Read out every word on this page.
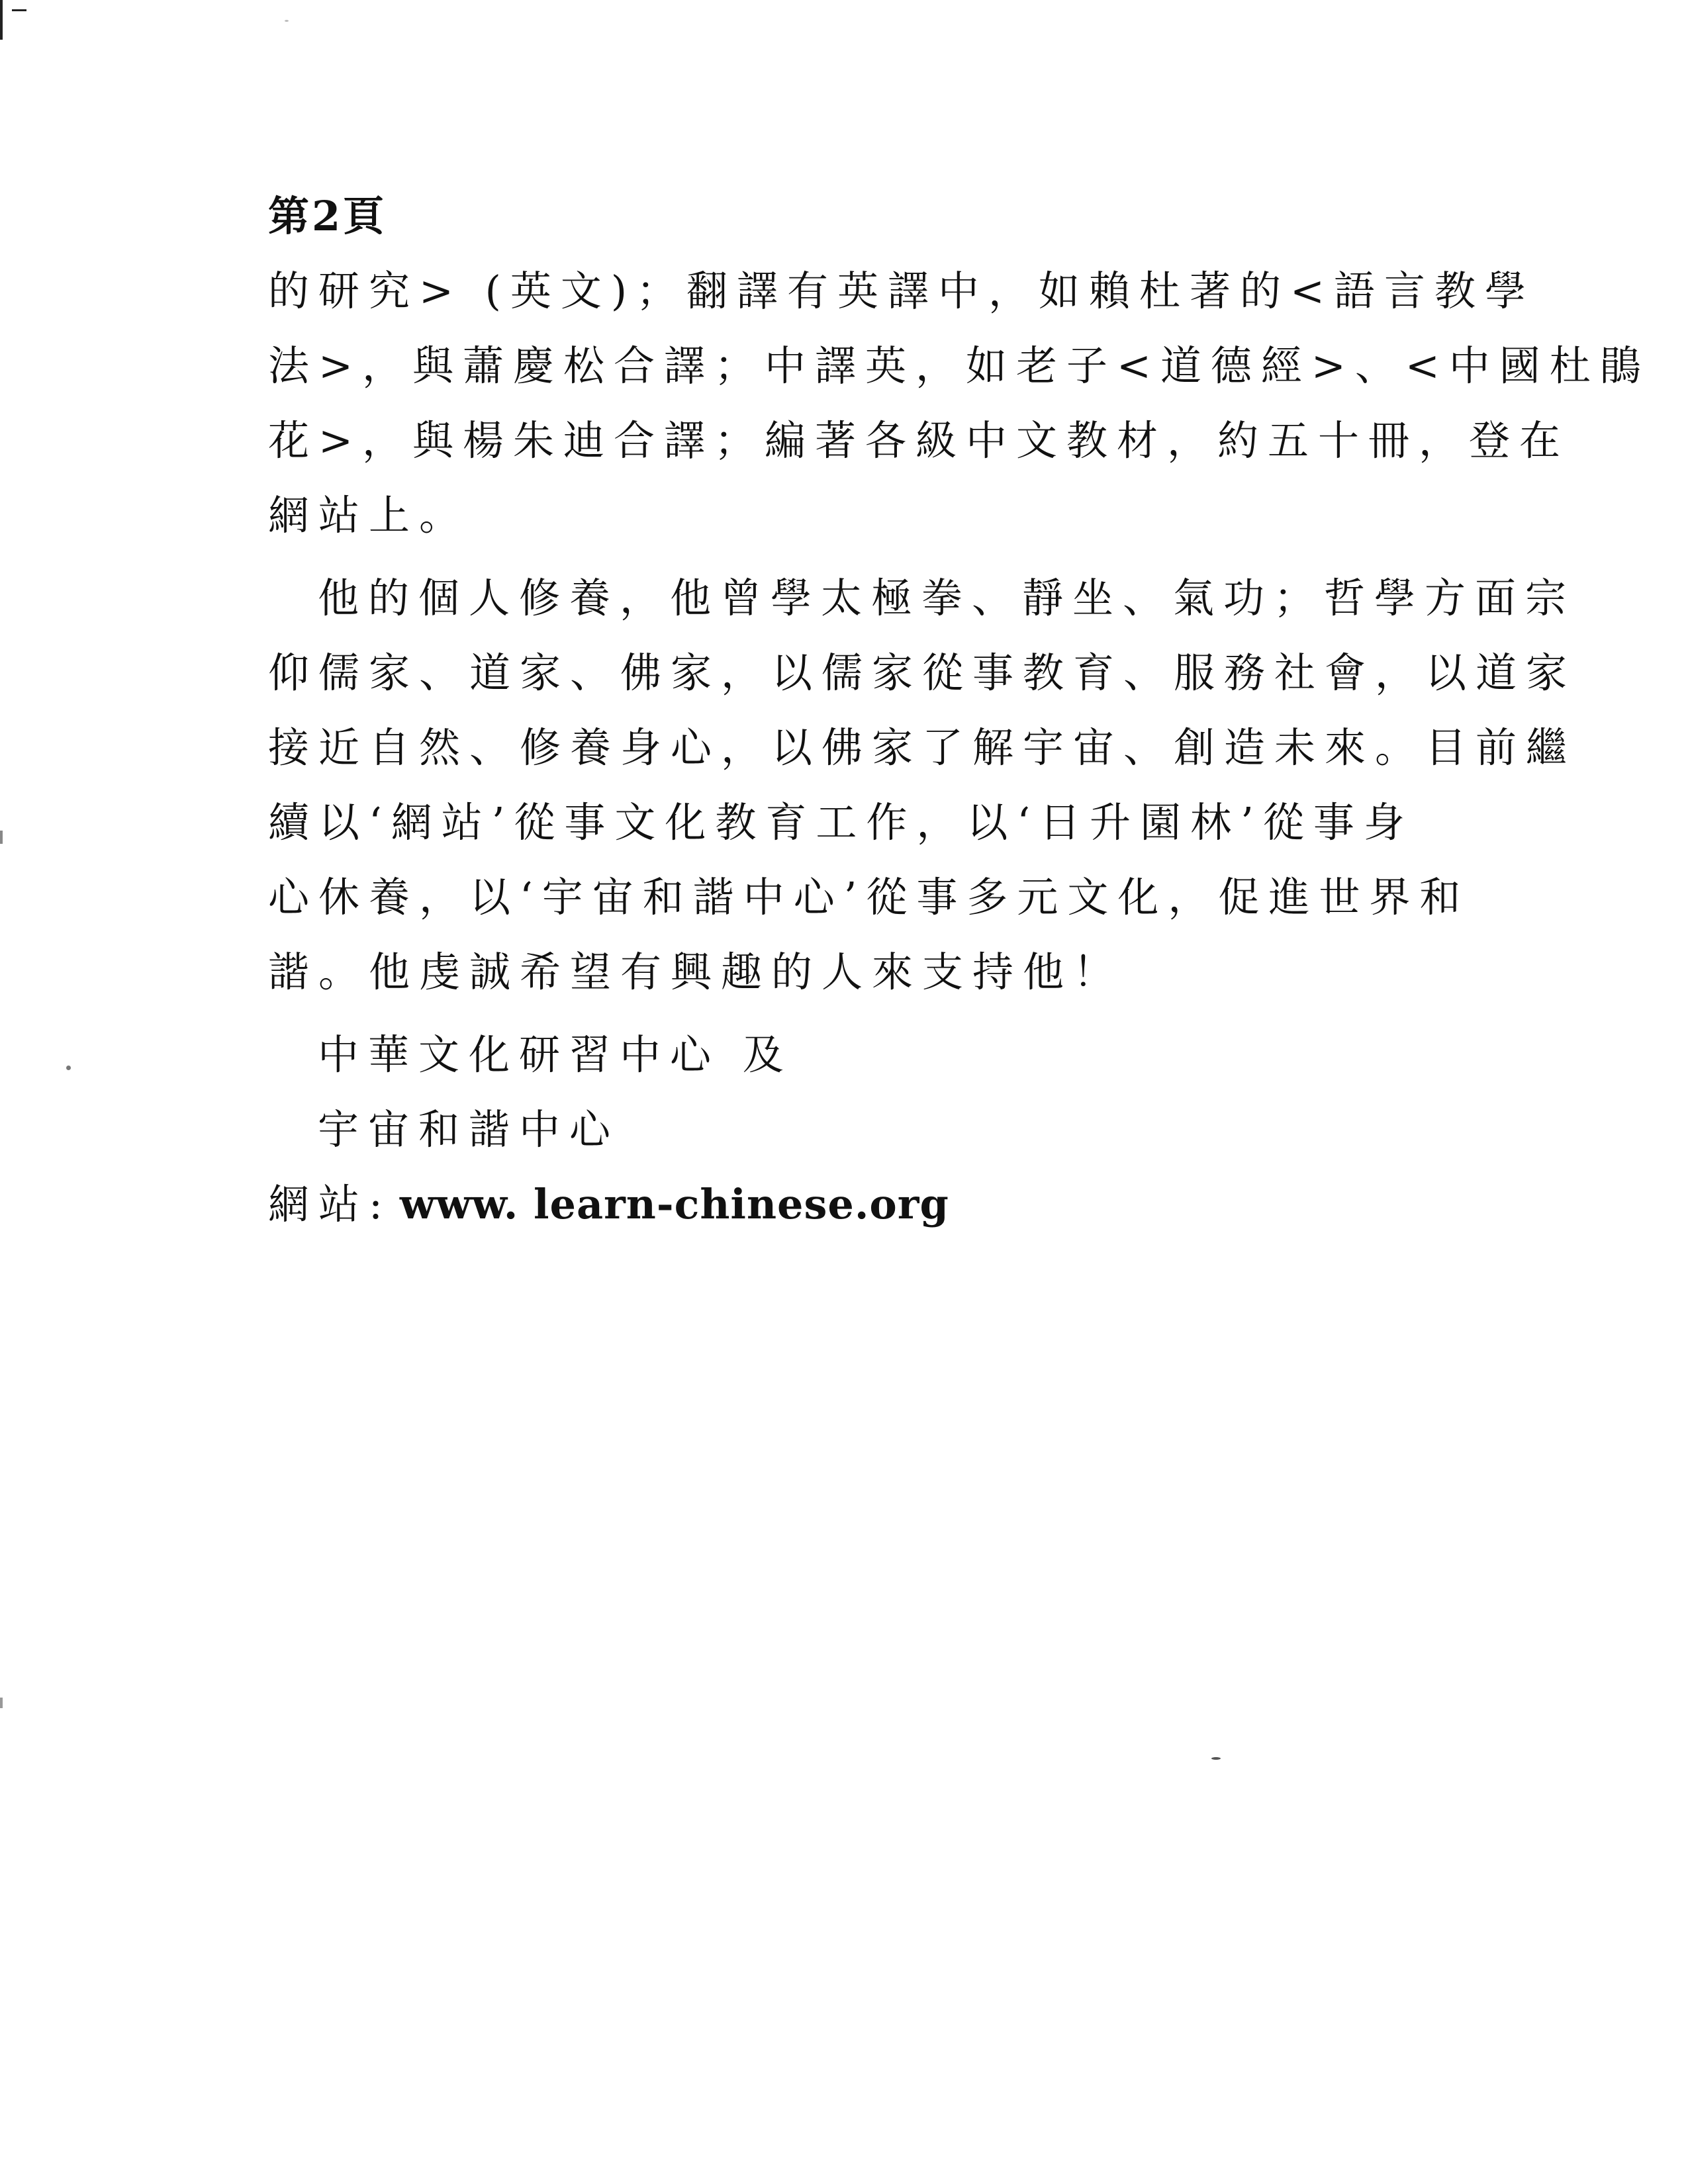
第2頁
的研究> (英文)；翻譯有英譯中，如賴杜著的<語言教學
法>，與蕭慶松合譯；中譯英，如老子<道德經>、<中國杜鵑
花>，與楊朱迪合譯；編著各級中文教材，約五十冊，登在
網站上。
他的個人修養，他曾學太極拳、靜坐、氣功；哲學方面宗
仰儒家、道家、佛家，以儒家從事教育、服務社會，以道家
接近自然、修養身心，以佛家了解宇宙、創造未來。目前繼
續以‘網站’從事文化教育工作，以‘日升園林’從事身
心休養，以‘宇宙和諧中心’從事多元文化，促進世界和
諧。他虔誠希望有興趣的人來支持他！
中華文化研習中心 及
宇宙和諧中心
網站: www. learn-chinese.org
